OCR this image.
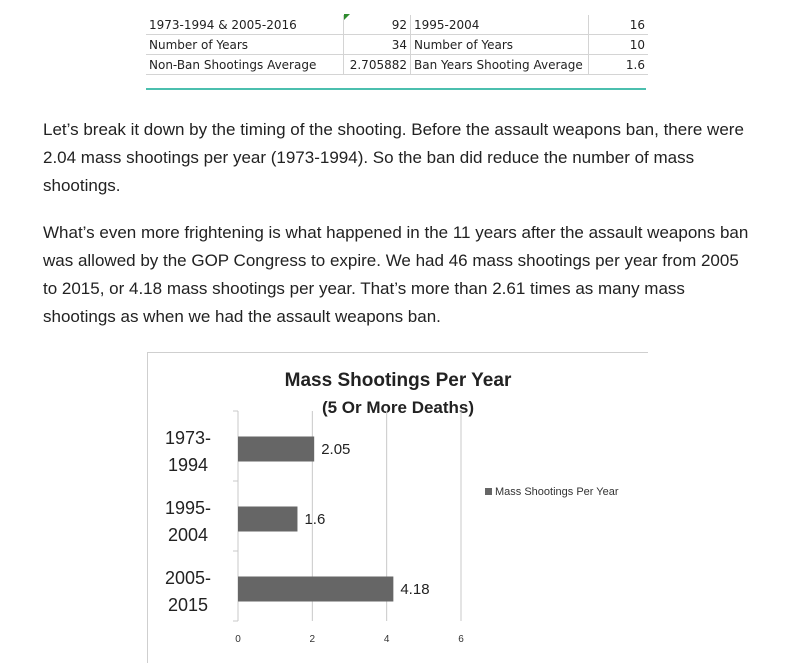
1973-1994 & 2005-2016	92	1995-2004	16
Number of Years	34	Number of Years	10
Non-Ban Shootings Average	2.705882	Ban Years Shooting Average	1.6

Let’s break it down by the timing of the shooting. Before the assault weapons ban, there were 2.04 mass shootings per year (1973-1994). So the ban did reduce the number of mass shootings.

What’s even more frightening is what happened in the 11 years after the assault weapons ban was allowed by the GOP Congress to expire. We had 46 mass shootings per year from 2005 to 2015, or 4.18 mass shootings per year. That’s more than 2.61 times as many mass shootings as when we had the assault weapons ban.

Mass Shootings Per Year
(5 Or More Deaths)
0	2	4	6
1973-
1994
2.05
1995-
2004
1.6
2005-
2015
4.18
Mass Shootings Per Year
